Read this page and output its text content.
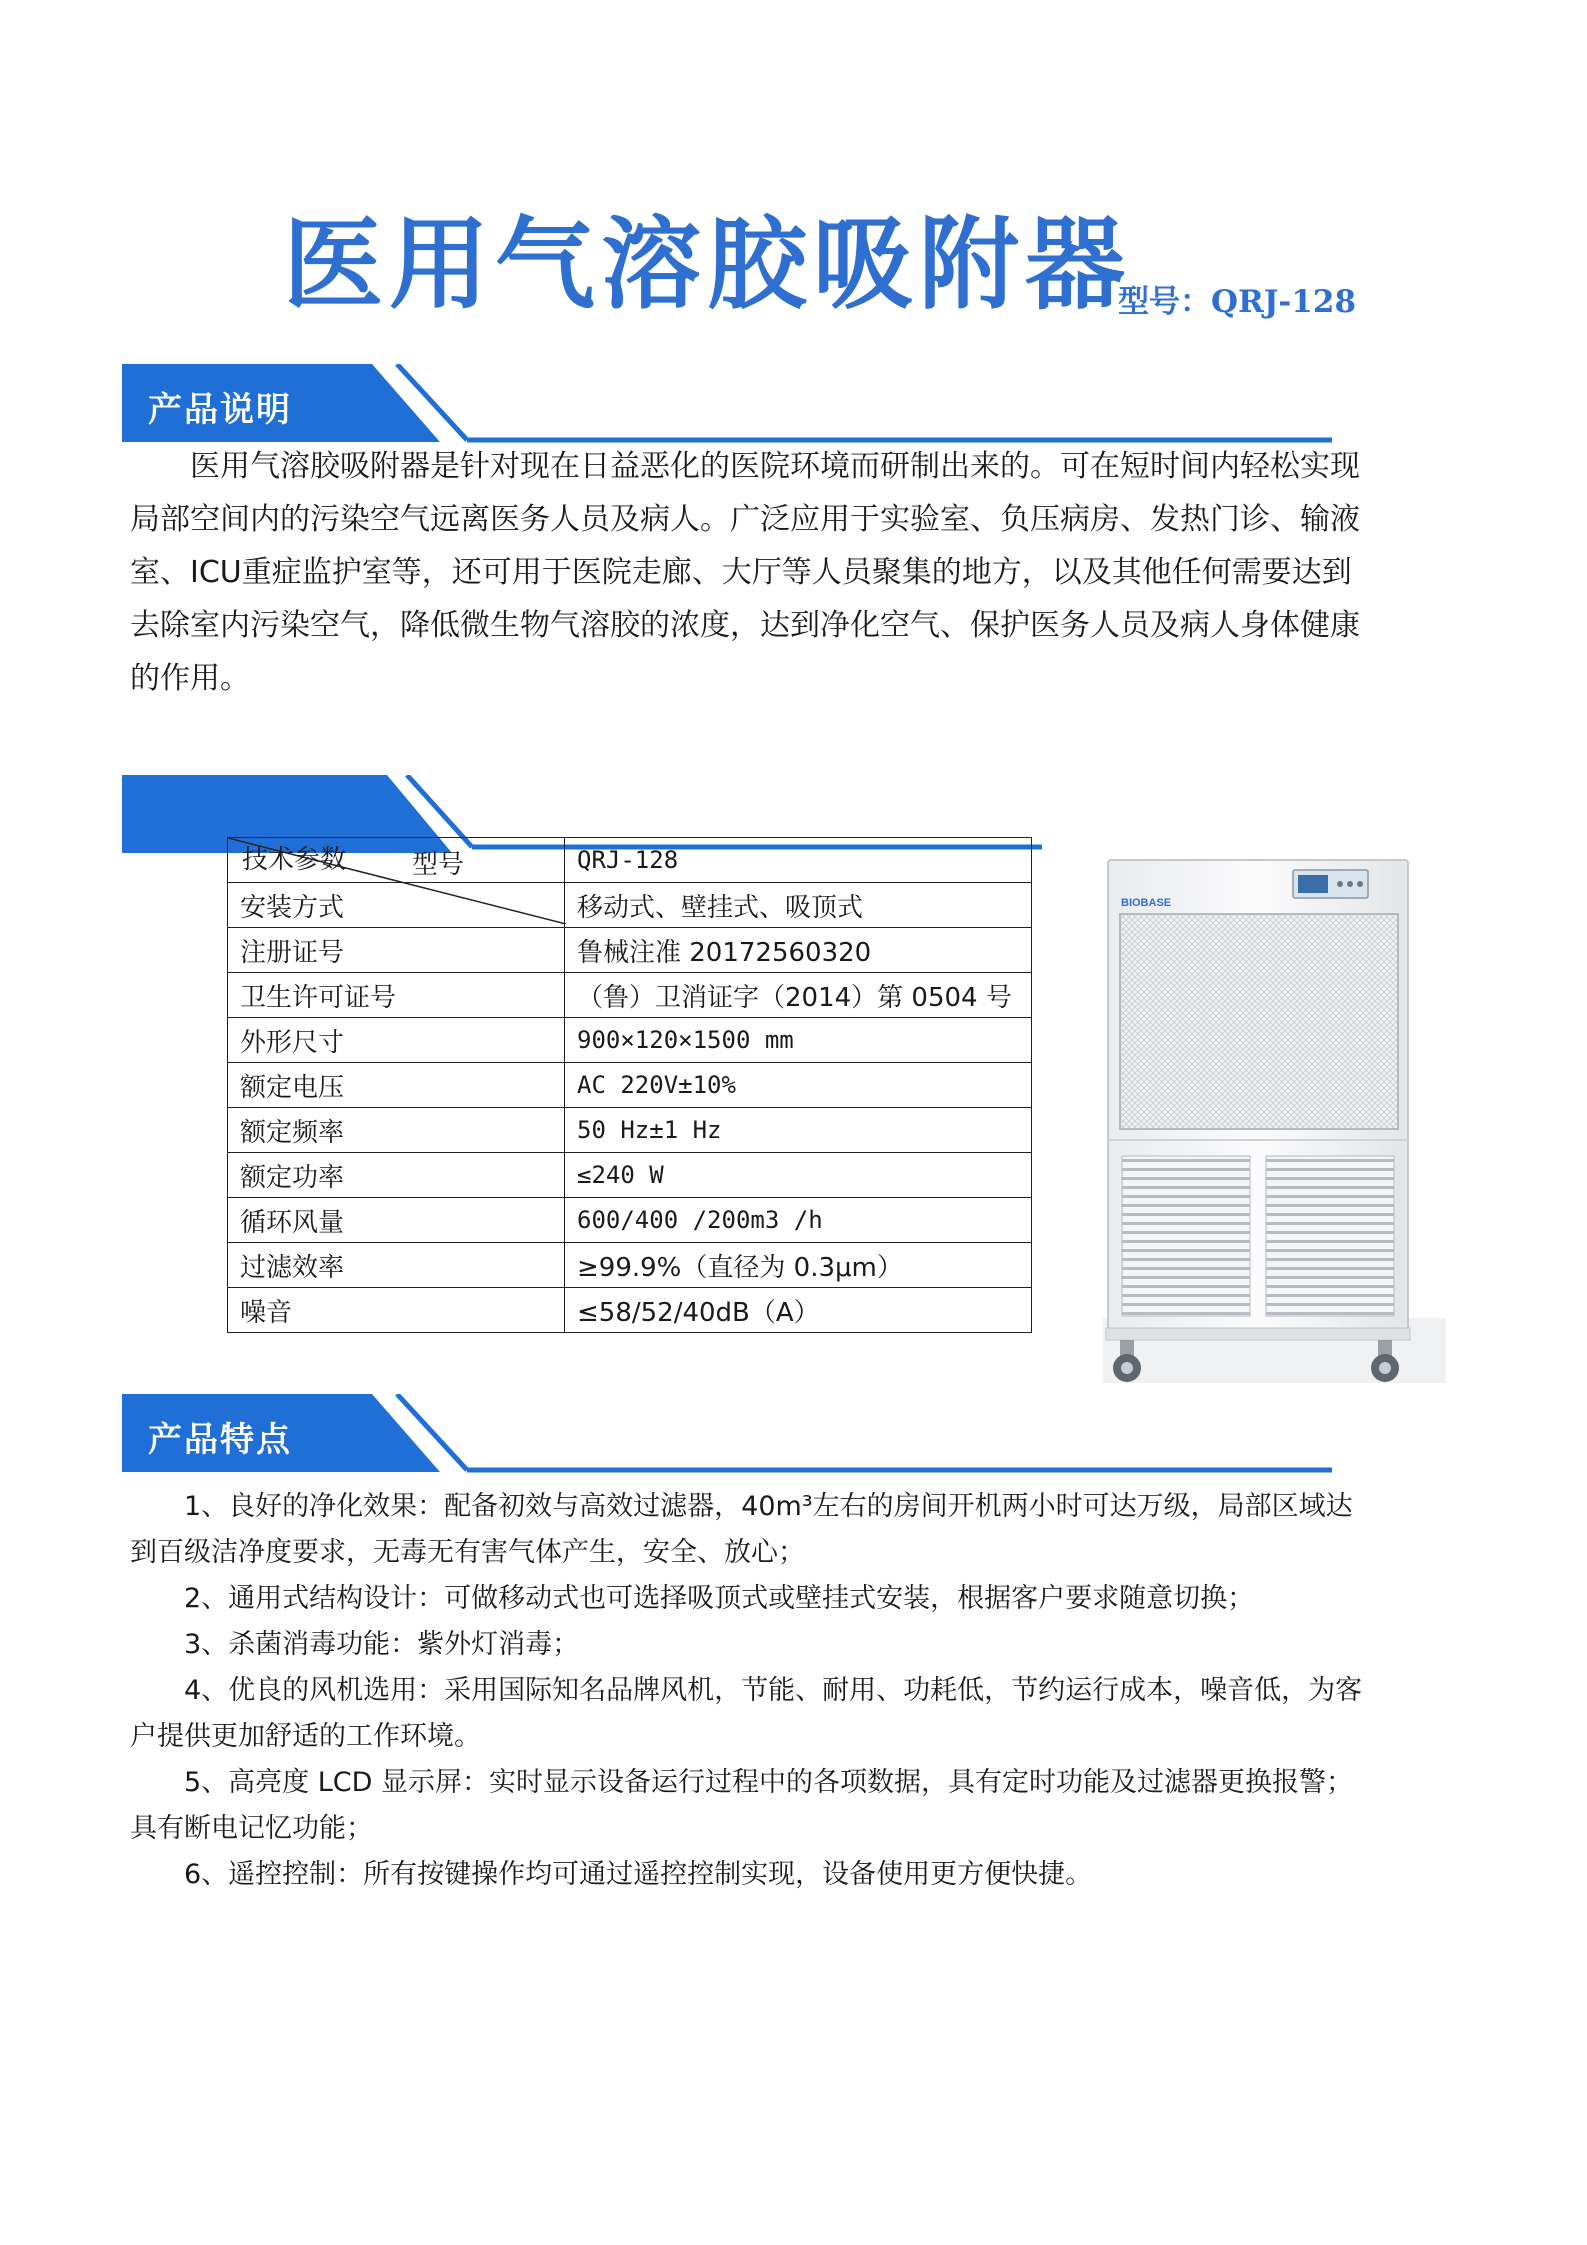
医用气溶胶吸附器
型号：QRJ-128
产品说明

医用气溶胶吸附器是针对现在日益恶化的医院环境而研制出来的。可在短时间内轻松实现局部空间内的污染空气远离医务人员及病人。广泛应用于实验室、负压病房、发热门诊、输液室、ICU重症监护室等，还可用于医院走廊、大厅等人员聚集的地方，以及其他任何需要达到去除室内污染空气，降低微生物气溶胶的浓度，达到净化空气、保护医务人员及病人身体健康的作用。

型号
技术参数	QRJ-128
安装方式	移动式、壁挂式、吸顶式
注册证号	鲁械注准 20172560320
卫生许可证号	（鲁）卫消证字（2014）第 0504 号
外形尺寸	900×120×1500 mm
额定电压	AC 220V±10%
额定频率	50 Hz±1 Hz
额定功率	≤240 W
循环风量	600/400 /200m3 /h
过滤效率	≥99.9%（直径为 0.3μm）
噪音	≤58/52/40dB（A）
BIOBASE
产品特点

1、良好的净化效果：配备初效与高效过滤器，40m³左右的房间开机两小时可达万级，局部区域达到百级洁净度要求，无毒无有害气体产生，安全、放心；

2、通用式结构设计：可做移动式也可选择吸顶式或壁挂式安装，根据客户要求随意切换；

3、杀菌消毒功能：紫外灯消毒；

4、优良的风机选用：采用国际知名品牌风机，节能、耐用、功耗低，节约运行成本，噪音低，为客户提供更加舒适的工作环境。

5、高亮度 LCD 显示屏：实时显示设备运行过程中的各项数据，具有定时功能及过滤器更换报警；具有断电记忆功能；

6、遥控控制：所有按键操作均可通过遥控控制实现，设备使用更方便快捷。
